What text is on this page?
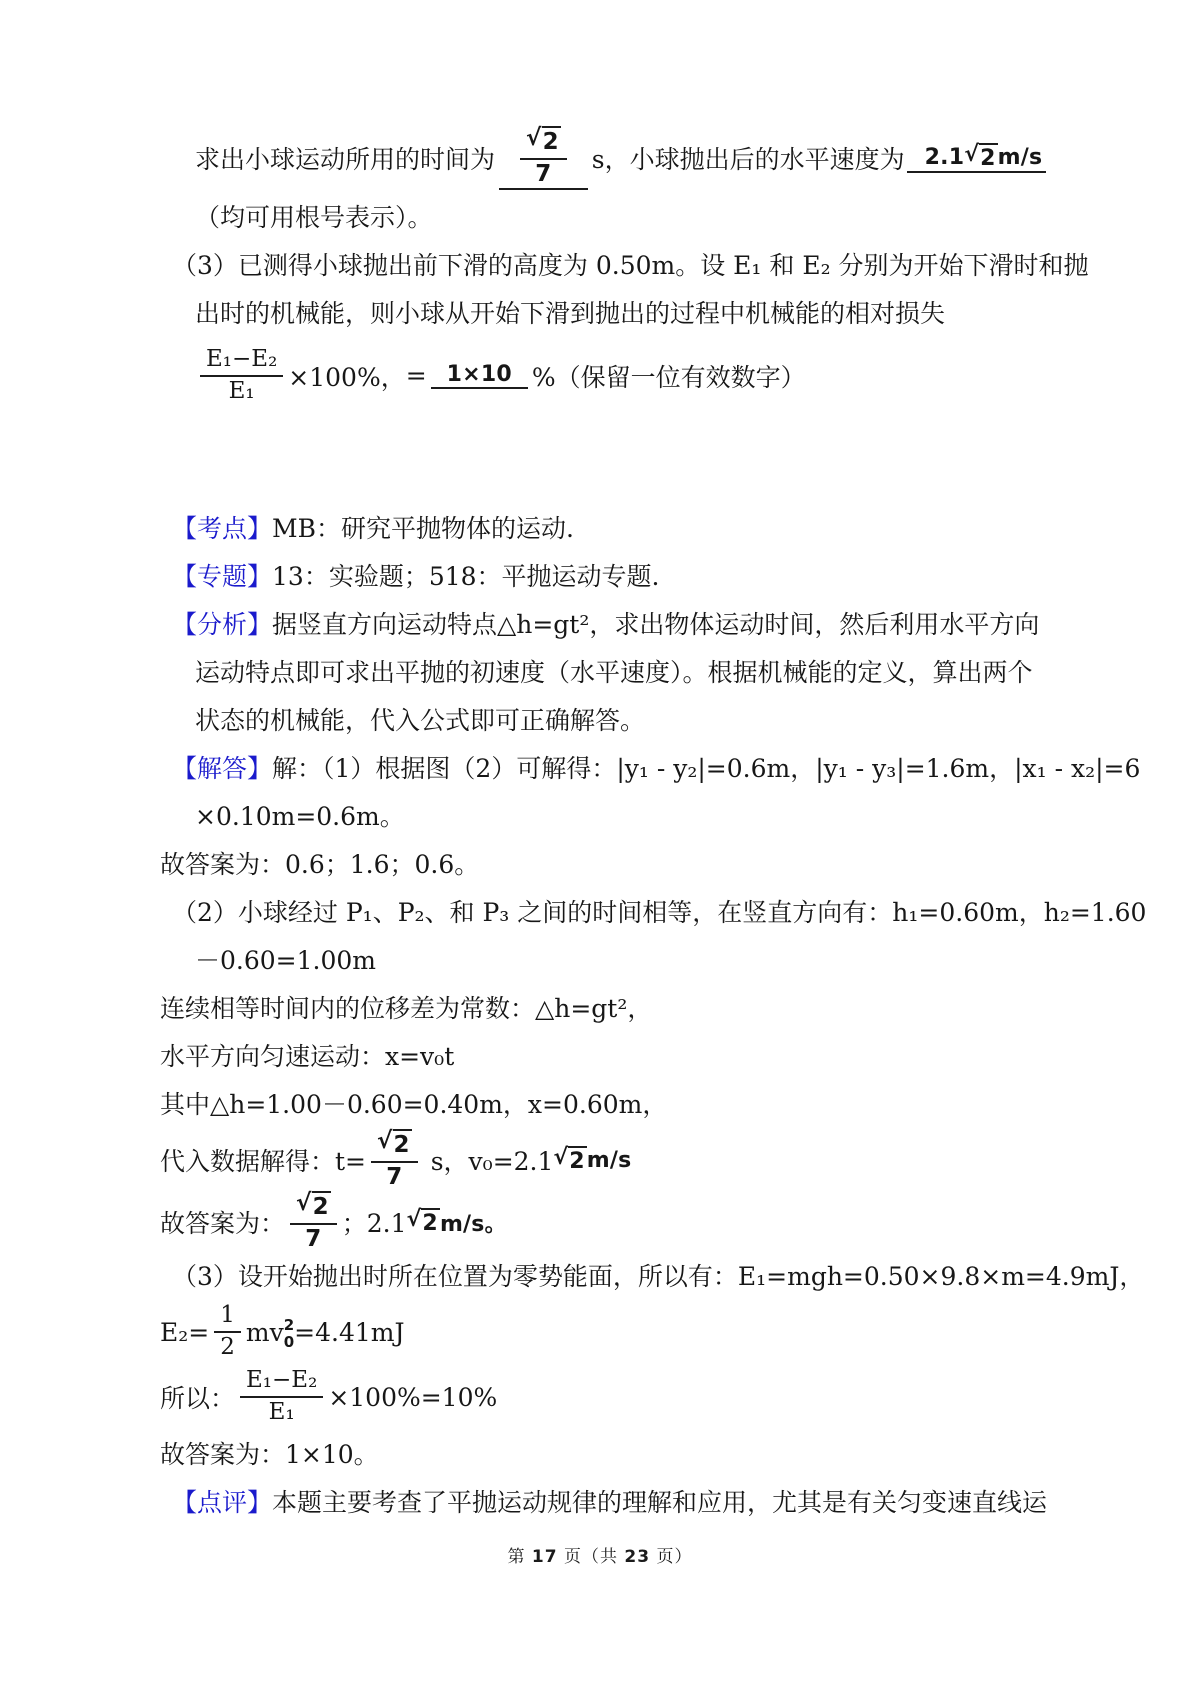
求出小球运动所用的时间为 $\frac{√ 2}{7}$ s，小球抛出后的水平速度为 2.1 √ 2 m/s
（均可用根号表示）。
（3）已测得小球抛出前下滑的高度为 0.50m。设 E₁ 和 E₂ 分别为开始下滑时和抛
出时的机械能，则小球从开始下滑到抛出的过程中机械能的相对损失
$\frac{\text{E₁−E₂}}{\text{E₁}} \times 100\%$， = 1×10 %（保留一位有效数字）
【考点】MB：研究平抛物体的运动.
【专题】13：实验题；518：平抛运动专题.
【分析】据竖直方向运动特点△h=gt²，求出物体运动时间，然后利用水平方向
运动特点即可求出平抛的初速度（水平速度）。根据机械能的定义，算出两个
状态的机械能，代入公式即可正确解答。
【解答】解：（1）根据图（2）可解得：|y₁ - y₂|=0.6m，|y₁ - y₃|=1.6m，|x₁ - x₂|=6
×0.10m=0.6m。
故答案为：0.6；1.6；0.6。
（2）小球经过 P₁、P₂、和 P₃ 之间的时间相等，在竖直方向有：h₁=0.60m，h₂=1.60
－0.60=1.00m
连续相等时间内的位移差为常数：△h=gt²，
水平方向匀速运动：x=v₀t
其中△h=1.00－0.60=0.40m，x=0.60m，
代入数据解得：$t= \frac{√ 2}{7}$ s，v₀=2.1 √ 2 m/s
故答案为： $\frac{√ 2}{7}$ ；2.1 √ 2 m/s。
（3）设开始抛出时所在位置为零势能面，所以有：E₁=mgh=0.50×9.8×m=4.9mJ，
$E_2= \frac{1}{2}$ mv 2
0 =4.41mJ
所以： $\frac{\text{E₁−E₂}}{\text{E₁}} \times 100\%=10\%$
故答案为：1×10。
【点评】本题主要考查了平抛运动规律的理解和应用，尤其是有关匀变速直线运
第 17 页（共 23 页）
